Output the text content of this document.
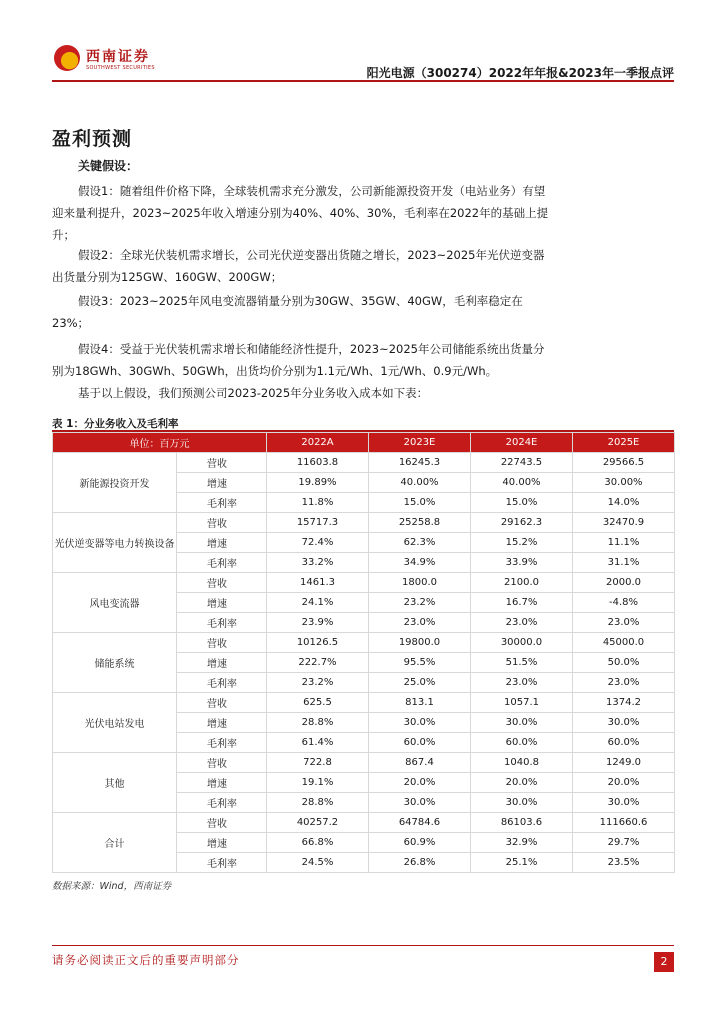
西南证券
SOUTHWEST SECURITIES	阳光电源（300274）2022年年报&2023年一季报点评
盈利预测
关键假设：

假设1：随着组件价格下降，全球装机需求充分激发，公司新能源投资开发（电站业务）有望迎来量利提升，2023~2025年收入增速分别为40%、40%、30%，毛利率在2022年的基础上提升；

假设2：全球光伏装机需求增长，公司光伏逆变器出货随之增长，2023~2025年光伏逆变器出货量分别为125GW、160GW、200GW；

假设3：2023~2025年风电变流器销量分别为30GW、35GW、40GW，毛利率稳定在23%；

假设4：受益于光伏装机需求增长和储能经济性提升，2023~2025年公司储能系统出货量分别为18GWh、30GWh、50GWh，出货均价分别为1.1元/Wh、1元/Wh、0.9元/Wh。

基于以上假设，我们预测公司2023-2025年分业务收入成本如下表：

表 1：分业务收入及毛利率
单位：百万元		2022A	2023E	2024E	2025E
新能源投资开发	营收	11603.8	16245.3	22743.5	29566.5
	增速	19.89%	40.00%	40.00%	30.00%
	毛利率	11.8%	15.0%	15.0%	14.0%
光伏逆变器等电力转换设备	营收	15717.3	25258.8	29162.3	32470.9
	增速	72.4%	62.3%	15.2%	11.1%
	毛利率	33.2%	34.9%	33.9%	31.1%
风电变流器	营收	1461.3	1800.0	2100.0	2000.0
	增速	24.1%	23.2%	16.7%	-4.8%
	毛利率	23.9%	23.0%	23.0%	23.0%
储能系统	营收	10126.5	19800.0	30000.0	45000.0
	增速	222.7%	95.5%	51.5%	50.0%
	毛利率	23.2%	25.0%	23.0%	23.0%
光伏电站发电	营收	625.5	813.1	1057.1	1374.2
	增速	28.8%	30.0%	30.0%	30.0%
	毛利率	61.4%	60.0%	60.0%	60.0%
其他	营收	722.8	867.4	1040.8	1249.0
	增速	19.1%	20.0%	20.0%	20.0%
	毛利率	28.8%	30.0%	30.0%	30.0%
合计	营收	40257.2	64784.6	86103.6	111660.6
	增速	66.8%	60.9%	32.9%	29.7%
	毛利率	24.5%	26.8%	25.1%	23.5%
数据来源：Wind，西南证券
请务必阅读正文后的重要声明部分	2
